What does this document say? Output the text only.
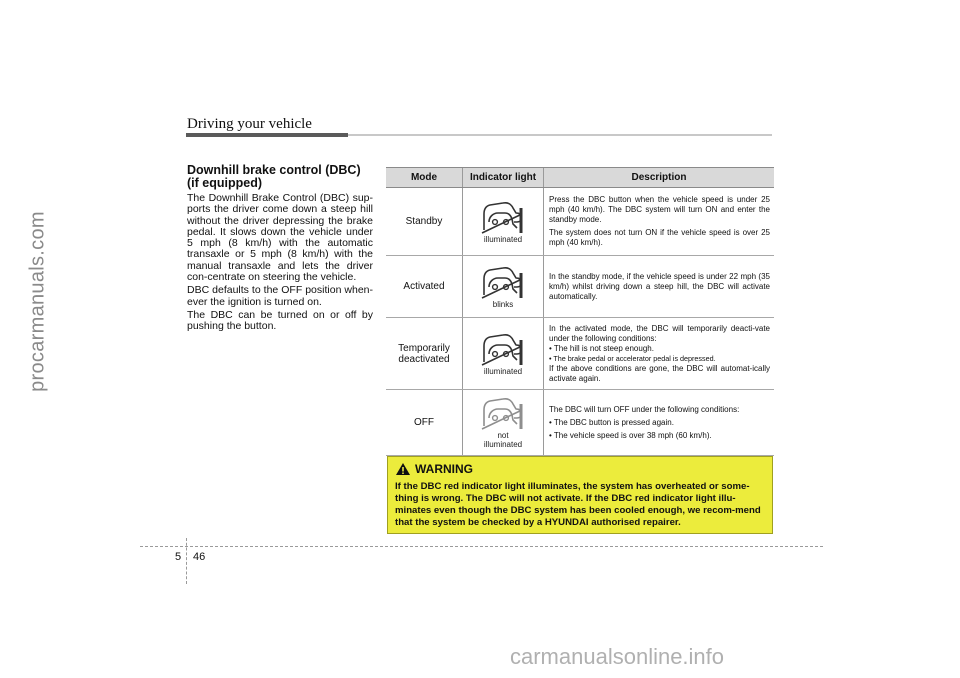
Driving your vehicle
procarmanuals.com
Downhill brake control (DBC)
(if equipped)

The Downhill Brake Control (DBC) sup-ports the driver come down a steep hill without the driver depressing the brake pedal. It slows down the vehicle under 5 mph (8 km/h) with the automatic transaxle or 5 mph (8 km/h) with the manual transaxle and lets the driver con-centrate on steering the vehicle.

DBC defaults to the OFF position when-ever the ignition is turned on.

The DBC can be turned on or off by pushing the button.

Mode	Indicator light	Description
Standby	illuminated	Press the DBC button when the vehicle speed is under 25 mph (40 km/h). The DBC system will turn ON and enter the standby mode.

The system does not turn ON if the vehicle speed is over 25 mph (40 km/h).

Activated	blinks	In the standby mode, if the vehicle speed is under 22 mph (35 km/h) whilst driving down a steep hill, the DBC will activate automatically.

Temporarily deactivated	illuminated	In the activated mode, the DBC will temporarily deacti-vate under the following conditions:

• The hill is not steep enough.

• The brake pedal or accelerator pedal is depressed.

If the above conditions are gone, the DBC will automat-ically activate again.

OFF	not illuminated	The DBC will turn OFF under the following conditions:

• The DBC button is pressed again.

• The vehicle speed is over 38 mph (60 km/h).

WARNING
If the DBC red indicator light illuminates, the system has overheated or some-thing is wrong. The DBC will not activate. If the DBC red indicator light illu-minates even though the DBC system has been cooled enough, we recom-mend that the system be checked by a HYUNDAI authorised repairer.
5 46
carmanualsonline.info
